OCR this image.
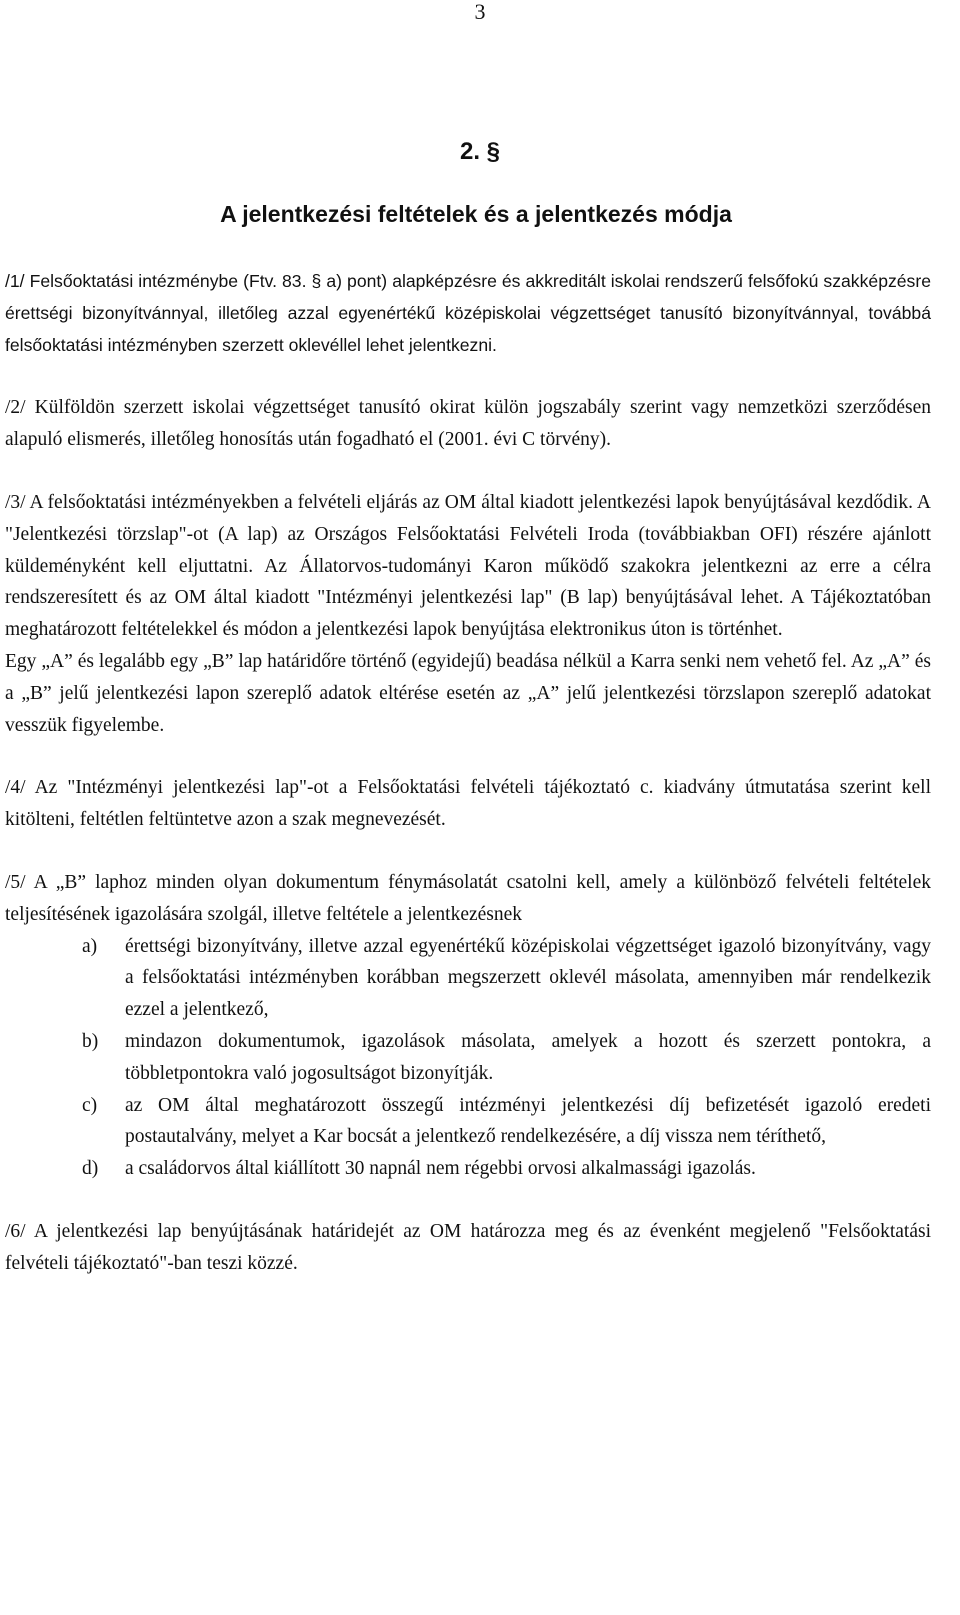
3
2. §
A jelentkezési feltételek és a jelentkezés módja

/1/ Felsőoktatási intézménybe (Ftv. 83. § a) pont) alapképzésre és akkreditált iskolai rendszerű felsőfokú szakképzésre érettségi bizonyítvánnyal, illetőleg azzal egyenértékű középiskolai végzettséget tanusító bizonyítvánnyal, továbbá felsőoktatási intézményben szerzett oklevéllel lehet jelentkezni.

/2/ Külföldön szerzett iskolai végzettséget tanusító okirat külön jogszabály szerint vagy nemzetközi szerződésen alapuló elismerés, illetőleg honosítás után fogadható el (2001. évi C törvény).

/3/ A felsőoktatási intézményekben a felvételi eljárás az OM által kiadott jelentkezési lapok benyújtásával kezdődik. A "Jelentkezési törzslap"-ot (A lap) az Országos Felsőoktatási Felvételi Iroda (továbbiakban OFI) részére ajánlott küldeményként kell eljuttatni. Az Állatorvos-tudományi Karon működő szakokra jelentkezni az erre a célra rendszeresített és az OM által kiadott "Intézményi jelentkezési lap" (B lap) benyújtásával lehet. A Tájékoztatóban meghatározott feltételekkel és módon a jelentkezési lapok benyújtása elektronikus úton is történhet.

Egy „A” és legalább egy „B” lap határidőre történő (egyidejű) beadása nélkül a Karra senki nem vehető fel. Az „A” és a „B” jelű jelentkezési lapon szereplő adatok eltérése esetén az „A” jelű jelentkezési törzslapon szereplő adatokat vesszük figyelembe.

/4/ Az "Intézményi jelentkezési lap"-ot a Felsőoktatási felvételi tájékoztató c. kiadvány útmutatása szerint kell kitölteni, feltétlen feltüntetve azon a szak megnevezését.

/5/ A „B” laphoz minden olyan dokumentum fénymásolatát csatolni kell, amely a különböző felvételi feltételek teljesítésének igazolására szolgál, illetve feltétele a jelentkezésnek

a)	érettségi bizonyítvány, illetve azzal egyenértékű középiskolai végzettséget igazoló bizonyítvány, vagy a felsőoktatási intézményben korábban megszerzett oklevél másolata, amennyiben már rendelkezik ezzel a jelentkező,
b)	mindazon dokumentumok, igazolások másolata, amelyek a hozott és szerzett pontokra, a többletpontokra való jogosultságot bizonyítják.
c)	az OM által meghatározott összegű intézményi jelentkezési díj befizetését igazoló eredeti postautalvány, melyet a Kar bocsát a jelentkező rendelkezésére, a díj vissza nem téríthető,
d)	a családorvos által kiállított 30 napnál nem régebbi orvosi alkalmassági igazolás.

/6/ A jelentkezési lap benyújtásának határidejét az OM határozza meg és az évenként megjelenő "Felsőoktatási felvételi tájékoztató"-ban teszi közzé.
